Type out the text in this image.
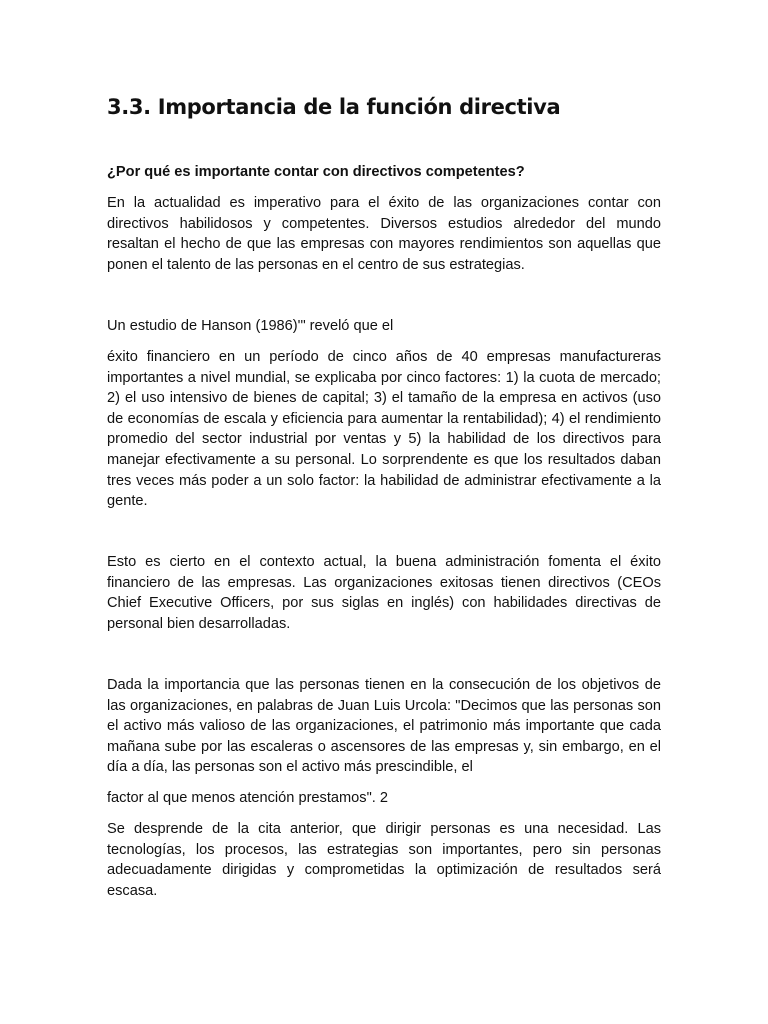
3.3. Importancia de la función directiva

¿Por qué es importante contar con directivos competentes?

En la actualidad es imperativo para el éxito de las organizaciones contar con directivos habilidosos y competentes. Diversos estudios alrededor del mundo resaltan el hecho de que las empresas con mayores rendimientos son aquellas que ponen el talento de las personas en el centro de sus estrategias.

Un estudio de Hanson (1986)'" reveló que el

éxito financiero en un período de cinco años de 40 empresas manufactureras importantes a nivel mundial, se explicaba por cinco factores: 1) la cuota de mercado; 2) el uso intensivo de bienes de capital; 3) el tamaño de la empresa en activos (uso de economías de escala y eficiencia para aumentar la rentabilidad); 4) el rendimiento promedio del sector industrial por ventas y 5) la habilidad de los directivos para manejar efectivamente a su personal. Lo sorprendente es que los resultados daban tres veces más poder a un solo factor: la habilidad de administrar efectivamente a la gente.

Esto es cierto en el contexto actual, la buena administración fomenta el éxito financiero de las empresas. Las organizaciones exitosas tienen directivos (CEOs Chief Executive Officers, por sus siglas en inglés) con habilidades directivas de personal bien desarrolladas.

Dada la importancia que las personas tienen en la consecución de los objetivos de las organizaciones, en palabras de Juan Luis Urcola: "Decimos que las personas son el activo más valioso de las organizaciones, el patrimonio más importante que cada mañana sube por las escaleras o ascensores de las empresas y, sin embargo, en el día a día, las personas son el activo más prescindible, el

factor al que menos atención prestamos". 2

Se desprende de la cita anterior, que dirigir personas es una necesidad. Las tecnologías, los procesos, las estrategias son importantes, pero sin personas adecuadamente dirigidas y comprometidas la optimización de resultados será escasa.
